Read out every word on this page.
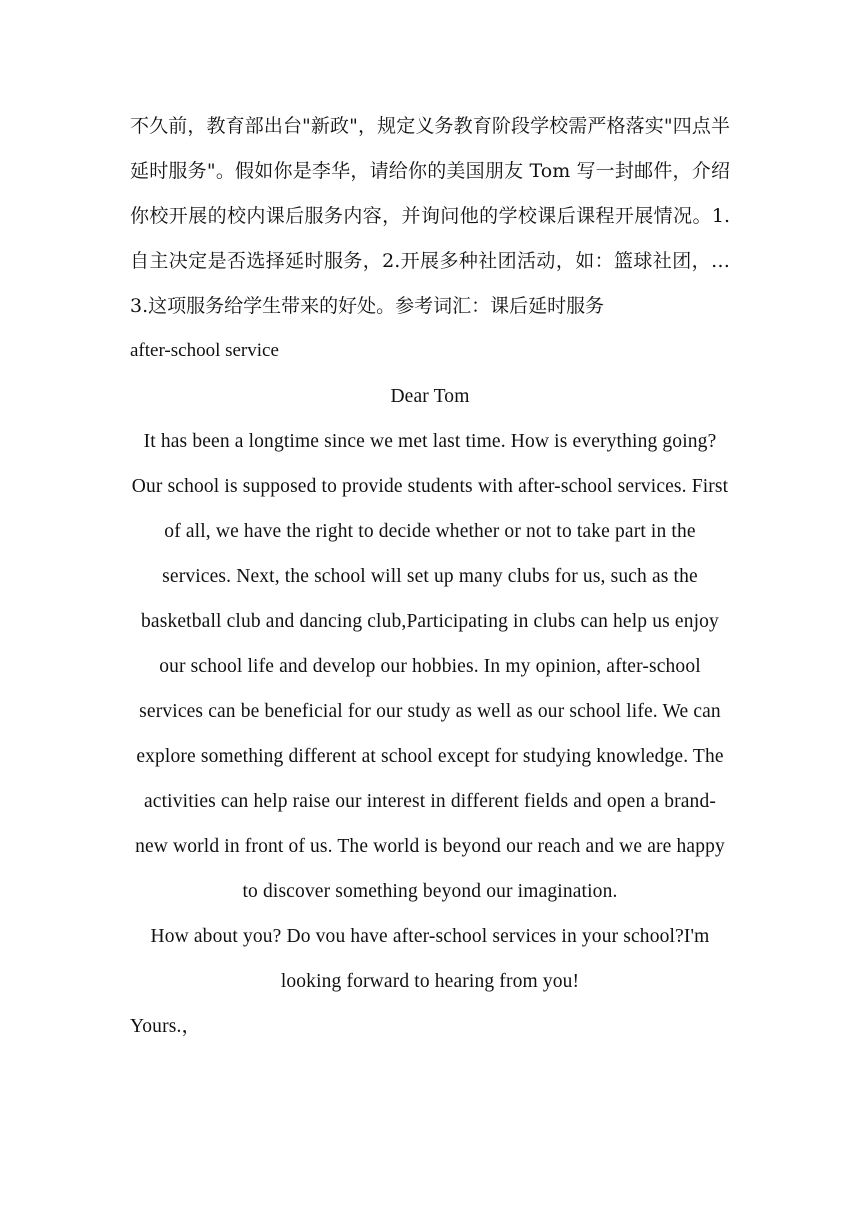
不久前，教育部出台"新政"，规定义务教育阶段学校需严格落实"四点半延时服务"。假如你是李华，请给你的美国朋友 Tom 写一封邮件，介绍你校开展的校内课后服务内容，并询问他的学校课后课程开展情况。1.自主决定是否选择延时服务，2.开展多种社团活动，如：篮球社团，…3.这项服务给学生带来的好处。参考词汇：课后延时服务
after-school service
Dear Tom
It has been a longtime since we met last time. How is everything going? Our school is supposed to provide students with after-school services. First of all, we have the right to decide whether or not to take part in the services. Next, the school will set up many clubs for us, such as the basketball club and dancing club,Participating in clubs can help us enjoy our school life and develop our hobbies. In my opinion, after-school services can be beneficial for our study as well as our school life. We can explore something different at school except for studying knowledge. The activities can help raise our interest in different fields and open a brand-new world in front of us. The world is beyond our reach and we are happy to discover something beyond our imagination.
How about you? Do vou have after-school services in your school?I'm looking forward to hearing from you!
Yours.，
